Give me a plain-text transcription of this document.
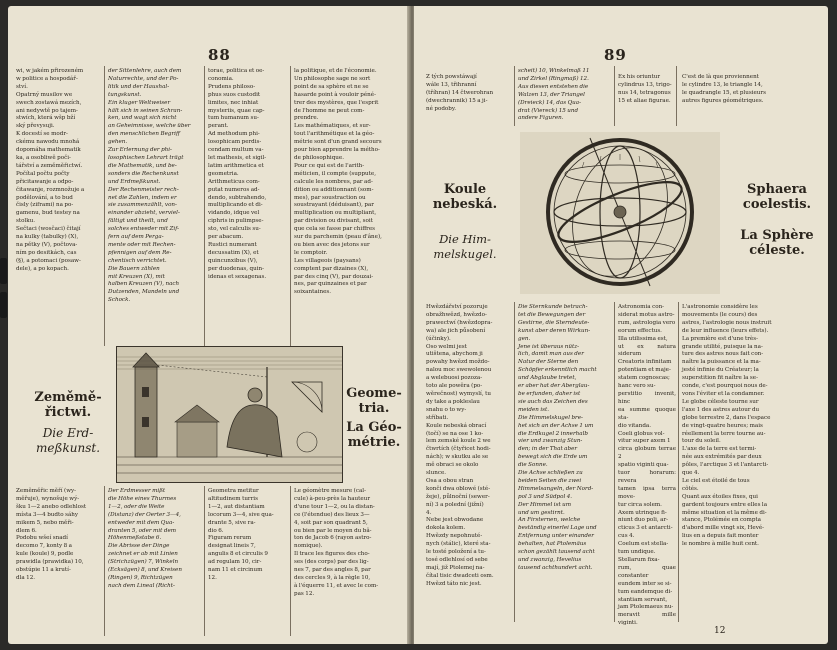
88
wi, w jakém přirozeném
w politice a hospodář-
ství.
Opatrný musilov we
swech zostawá mezích,
ani nedywtě po tajem-
stwích, která wšp bží
ský převysuji.
K docestí se modr-
ckému nawodu mnohá
dopomáha mathematik
ka, a osobliwě poči-
tářství a zeměměřictwí.
Počítal počtu počty
přicitawanje a odpo-
čitawanje, rozmnožuje a
podělování, a to bud
čisly (ziframi) na po-
gamenu, bud testey na
stolku.
Sečtaci (wosčaci) čitají
na kulky (tabulky) (X),
na pětky (V), počtova-
ním po desitkách, cas
(§), a potomaci (posaw-
dele), a po kopach.
der Sittenlehre, auch dem
Naturrechte, und der Po-
litik und der Haushal-
tungskunst.
Ein kluger Weltweiser
hält sich in seinen Schran-
ken, und wagt sich nicht
an Geheimnisse, welche über
den menschlichen Begriff
gehen.
Zur Erlernung der phi-
losophischen Lehrart trägt
die Mathematik, und be-
sonders die Rechenkunst
und Erdmeßkunst.
Der Rechenmeister rech-
net die Zahlen, indem er
sie zusammenzählt, von-
einander abzieht, verviel-
fältigt und theilt, und
solches entweder mit Zif-
fern auf dem Perga-
mente oder mit Rechen-
pfennigen auf dem Re-
chentisch verrichtet.
Die Bauern zählen
mit Kreuzen (X), mit
halben Kreuzen (V), nach
Dutzenden, Mandeln und
Schock.
torae, politica et oe-
conomia.
Prudens philoso-
phus suos custodit
limites, nec inhiat
mysteriis, quae cap-
tum humanum su-
perant.
Ad methodum phi-
losophicam perdis-
cendam multum va-
let mathesis, et sigil-
latim arithmetica et
geometria.
Arithmeticus com-
putat numeros ad-
dendo, subtrahendo,
multiplicando et di-
vidando, idque vel
ciphris in pulimpse-
sto, vel calculis su-
per abacum.
Rustici numerant
decussatim (X), et
quincunxibus (V),
per duodenas, quin-
idenas et sexagenas.
la politique, et de l'économie.
Un philosophe sage ne sort
point de sa sphère et ne se
hasarde point à vouloir péné-
trer des mystères, que l'esprit
de l'homme ne peut com-
prendre.
Les mathématiques, et sur-
tout l'arithmétique et la géo-
métrie sont d'un grand secours
pour bien apprendre la métho-
de philosophique.
Pour ce qui est de l'arith-
méticien, il compte (suppute,
calcule les nombres, par ad-
dition ou additionnant (som-
mes), par soustraction ou
soustrayant (déduisant), par
multiplication ou multipliant,
par division ou divisant, soit
que cela se fasse par chiffres
sur du parchemin (peau d'âne),
ou bien avec des jetons sur
le comptoir.
Les villageois (paysans)
comptent par dizaines (X),
par des cinq (V), par douzai-
nes, par quinzaines et par
soixantaines.
Zeměmě-řictwi.
Die Erd-meßkunst.
Geome-tria.
La Géo-métrie.
Zeměměřic měří (wy-
měřuje), wynošuje wý-
šku 1—2 anebo odlehlost
místa 3—4 budto sáhy
mikem 5, nebo měři-
dlem 6.
Podobu wšeí snadí
decomo 7, konty 8 a
kule (koule) 9, podle
prawidla (prawidka) 10,
obstúpie 11 a krutí-
dla 12.
Der Erdmesser mißt
die Höhe eines Thurmes
1—2, oder die Weite
(Distanz) der Oerter 3—4,
entweder mit dem Qua-
dranten 5, oder mit dem
Höhenmeßstabe 6.
Die Abrisse der Dinge
zeichnet er ab mit Linien
(Strichzügen) 7, Winkeln
(Ecksägen) 8, und Kreisen
(Ringen) 9, Richtzügen
nach dem Lineal (Richt-
Geometra metitur
altitudinem turris
1—2, aut distantiam
locorum 3—4, sive qua-
drante 5, sive ra-
dio 6.
Figuram rerum
designat lineis 7,
angulis 8 et circulis 9
ad regulam 10, cir-
nam 11 et circinum
12.
Le géomètre mesure (cal-
cule) à-peu-près la hauteur
d'une tour 1—2, ou la distan-
ce (l'étendue) des lieux 3—
4, soit par son quadrant 5,
ou bien par le moyen du bâ-
ton de Jacob 6 (rayon astro-
nomique).
Il trace les figures des cho-
ses (des corps) par des lig-
nes 7, par des angles 8, par
des cercles 9, à la règle 10,
à l'équerre 11, et avec le com-
pas 12.
89
Z tých powstáwají
wále 13, třihranní
(tříhran) 14 čtwerohran
(dwechrannik) 15 a ji-
né podoby.
scheit) 10, Winkelmaß 11
und Zirkel (Ringmaß) 12.
Aus diesen entstehen die
Walzen 13, der Triangel
(Dreieck) 14, das Qua-
drat (Viereck) 15 und
andere Figuren.
Ex his oriuntur
cylindrus 13, trigo-
nus 14, tetragonus
15 et aliae figurae.
C'est de là que proviennent
le cylindre 13, le triangle 14,
le quadrangle 15, et plusieurs
autres figures géométriques.
Koule nebeská.
Die Him-melskugel.
Sphaera coelestis.
La Sphère céleste.
Hwězdářství pozoruje
obražhwězd, hwězdo-
prawectwí (hwězdopra-
wa) ale jich působení
(účinky).
Oso welmi jest
utištena, abychom ji
powahy hwězd moždo-
nalou moc swewolenou
a welebuosi pozoza-
toto ale powěra (po-
wěrečnost) wymyslí, tu
dy take a pokleslau
snahu o to wy-
stříbati.
Koule nebeská obrací
(točí) se na ose 1 ko-
lem zemské koule 2 we
čtwrtích (čtyřicet hodi-
nách); w skutku ale se
mě obraci se okolo
slunce.
Osa a obou stran
konči dwa oblowé (sté-
žeje), půlnoční (sewer-
ní) 3 a polední (jižní)
4.
Nebe jest obwodane
dokola kolem.
Hwězdy nepohnuté-
nych (stálic), které sta-
le tosté položení a tu-
tosé odlehlosí od sebe
mají, již Ptolemej na-
čítal tisic dwadceti osm.
Hwězd táto nic jest.
Die Sternkunde betrach-
tet die Bewegungen der
Gestirne, die Sterndeute-
kunst aber deren Wirkun-
gen.
Jene ist überaus nütz-
lich, damit man aus der
Natur der Sterne den
Schöpfer erkenntlich macht
und Abglaube tretet,
er aber hat der Aberglau-
be erfunden, daher ist
sie auch das Zeichen des
meiden ist.
Die Himmelskugel bre-
het sich an der Achse 1 um
die Erdkugel 2 innerhalb
vier und zwanzig Stun-
den; in der That aber
bewegt sich die Erde um
die Sonne.
Die Achse schließen zu
beiden Seiten die zwei
Himmelsangeln, der Nord-
pol 3 und Südpol 4.
Der Himmel ist um
und um gestirnt.
An Firsternen, welche
beständig einerlei Lage und
Entfernung unter einander
behalten, hat Ptolemäus
schon gezählt tausend acht
und zwanzig, Hevelius
tausend achthundert acht.
Astronomia con-
siderat motus astro-
rum, astrologia vero
eorum effectus.
Illa utilissima est,
ut ex natura siderum
Creatoris infinitam
potentiam et maje-
statem cognoscas;
hanc vero su-
perstitio invenit, hinc
ea summe quoque sta-
dio vitanda.
Coeli globus vol-
vitur super axem 1
circa globum terrae 2
spatio viginti qua-
tuor horarum: revera
tamen ipsa terra move-
tur circa solem.
Axem utrinque fi-
niunt duo poli, ar-
cticus 3 et antarcti-
cus 4.
Coelum est stella-
tum undique.
Stellarum fixa-
rum, quae constanter
eundem inter se si-
tum eandemque di-
stantiam servant,
jam Ptolemaeus nu-
meravit mille viginti.
L'astronomie considère les
mouvements (le cours) des
astres, l'astrologie nous instruit
de leur influence (leurs effets).
La première est d'une très-
grande utilité, puisque la na-
ture des astres nous fait con-
naître la puissance et la ma-
jesté infinie du Créateur; la
superstition fit naître la se-
conde, c'est pourquoi nous de-
vons l'éviter et la condamner.
Le globe céleste tourne sur
l'axe 1 des astres autour du
globe terrestre 2, dans l'espace
de vingt-quatre heures; mais
réellement la terre tourne au-
tour du soleil.
L'axe de la terre est termi-
née aux extrémités par deux
pôles, l'arctique 3 et l'antarcti-
que 4.
Le ciel est étoilé de tous
côtés.
Quant aux étoiles fixes, qui
gardent toujours entre elles la
même situation et la même di-
stance, Ptolémée en compta
d'abord mille vingt six, Hevé-
lius en a depuis fait monter
le nombre à mille huit cent.
12
